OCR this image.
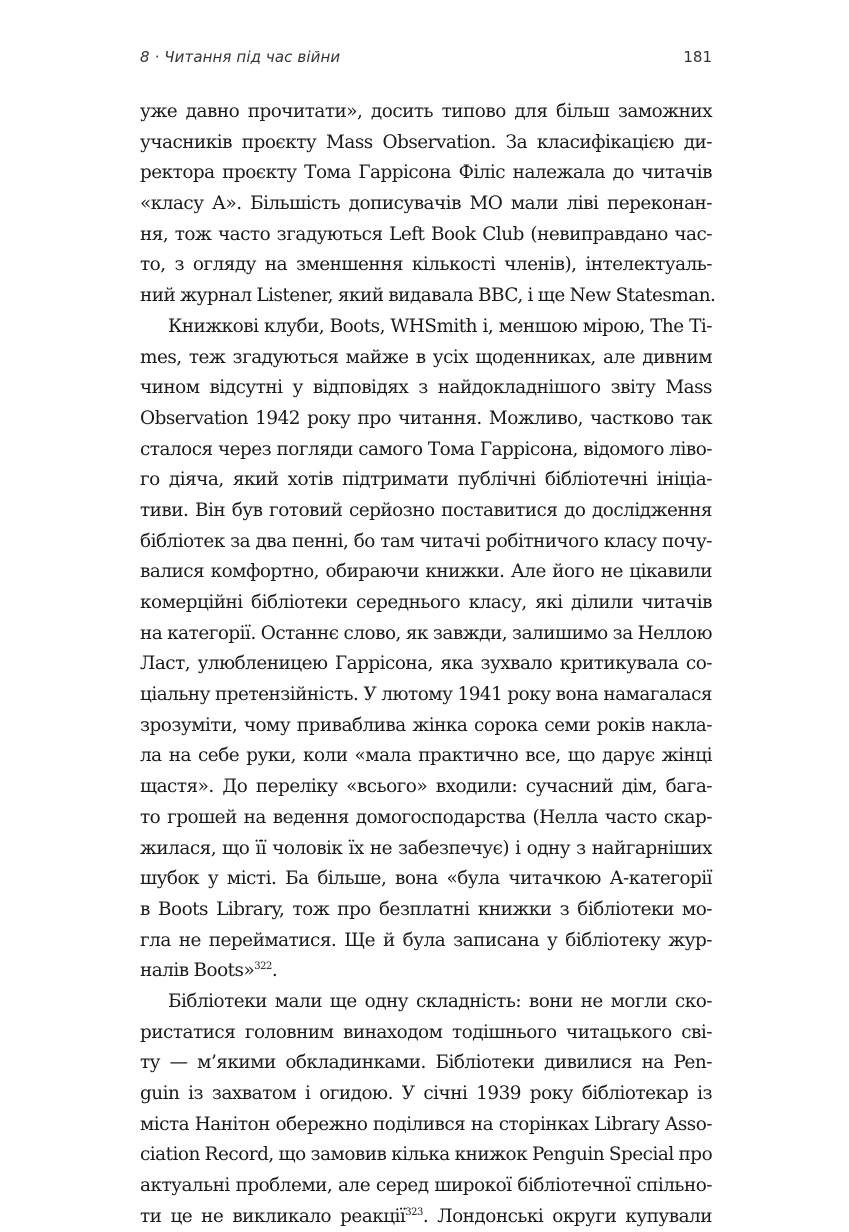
8 · Читання під час війни	181
уже давно прочитати», досить типово для більш заможних
учасників проєкту Mass Observation. За класифікацією ди-
ректора проєкту Тома Гаррісона Філіс належала до читачів
«класу А». Більшість дописувачів МО мали ліві переконан-
ня, тож часто згадуються Left Book Club (невиправдано час-
то, з огляду на зменшення кількості членів), інтелектуаль-
ний журнал Listener, який видавала BBC, і ще New Statesman.
Книжкові клуби, Boots, WHSmith і, меншою мірою, The Ti-
mes, теж згадуються майже в усіх щоденниках, але дивним
чином відсутні у відповідях з найдокладнішого звіту Mass
Observation 1942 року про читання. Можливо, частково так
сталося через погляди самого Тома Гаррісона, відомого ліво-
го діяча, який хотів підтримати публічні бібліотечні ініціа-
тиви. Він був готовий серйозно поставитися до дослідження
бібліотек за два пенні, бо там читачі робітничого класу почу-
валися комфортно, обираючи книжки. Але його не цікавили
комерційні бібліотеки середнього класу, які ділили читачів
на категорії. Останнє слово, як завжди, залишимо за Неллою
Ласт, улюбленицею Гаррісона, яка зухвало критикувала со-
ціальну претензійність. У лютому 1941 року вона намагалася
зрозуміти, чому приваблива жінка сорока семи років накла-
ла на себе руки, коли «мала практично все, що дарує жінці
щастя». До переліку «всього» входили: сучасний дім, бага-
то грошей на ведення домогосподарства (Нелла часто скар-
жилася, що її чоловік їх не забезпечує) і одну з найгарніших
шубок у місті. Ба більше, вона «була читачкою А-категорії
в Boots Library, тож про безплатні книжки з бібліотеки мо-
гла не перейматися. Ще й була записана у бібліотеку жур-
налів Boots»$^{322}$.
Бібліотеки мали ще одну складність: вони не могли ско-
ристатися головним винаходом тодішнього читацького сві-
ту — м’якими обкладинками. Бібліотеки дивилися на Pen-
guin із захватом і огидою. У січні 1939 року бібліотекар із
міста Нанітон обережно поділився на сторінках Library Asso-
ciation Record, що замовив кілька книжок Penguin Special про
актуальні проблеми, але серед широкої бібліотечної спільно-
ти це не викликало реакції$^{323}$. Лондонські округи купували
